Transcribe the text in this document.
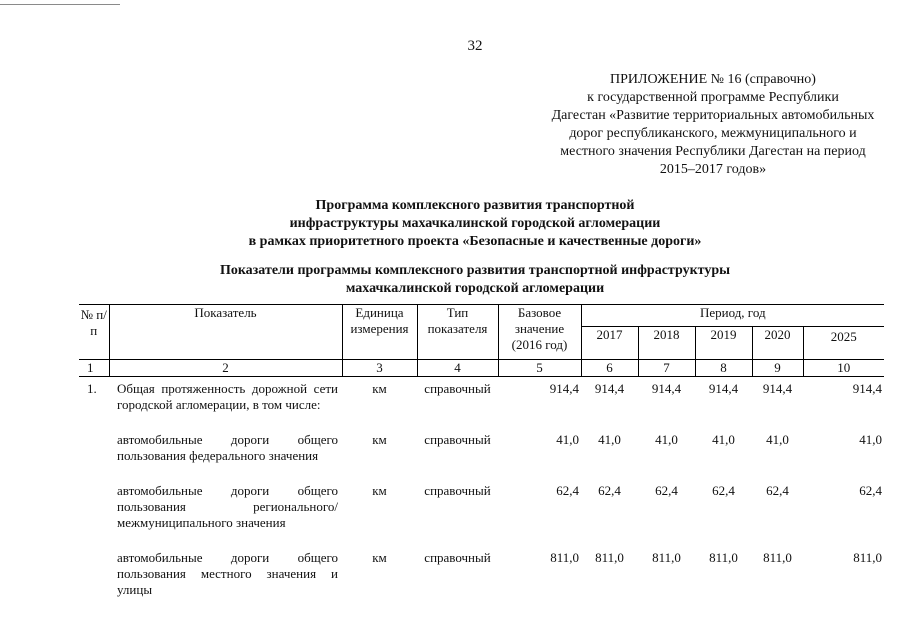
32
ПРИЛОЖЕНИЕ № 16 (справочно)
к государственной программе Республики
Дагестан «Развитие территориальных автомобильных
дорог республиканского, межмуниципального и
местного значения Республики Дагестан на период
2015–2017 годов»
Программа комплексного развития транспортной
инфраструктуры махачкалинской городской агломерации
в рамках приоритетного проекта «Безопасные и качественные дороги»
Показатели программы комплексного развития транспортной инфраструктуры
махачкалинской городской агломерации
№ п/п	Показатель	Единица измерения	Тип показателя	Базовое значение (2016 год)	Период, год				
					2017	2018	2019	2020	2025
1	2	3	4	5	6	7	8	9	10
1.	Общая протяженность дорожной сети городской агломерации, в том числе:	км	справочный	914,4	914,4	914,4	914,4	914,4	914,4

	автомобильные дороги общего пользования федерального значения	км	справочный	41,0	41,0	41,0	41,0	41,0	41,0

	автомобильные дороги общего пользования регионального/ межмуниципального значения	км	справочный	62,4	62,4	62,4	62,4	62,4	62,4

	автомобильные дороги общего пользования местного значения и улицы	км	справочный	811,0	811,0	811,0	811,0	811,0	811,0
